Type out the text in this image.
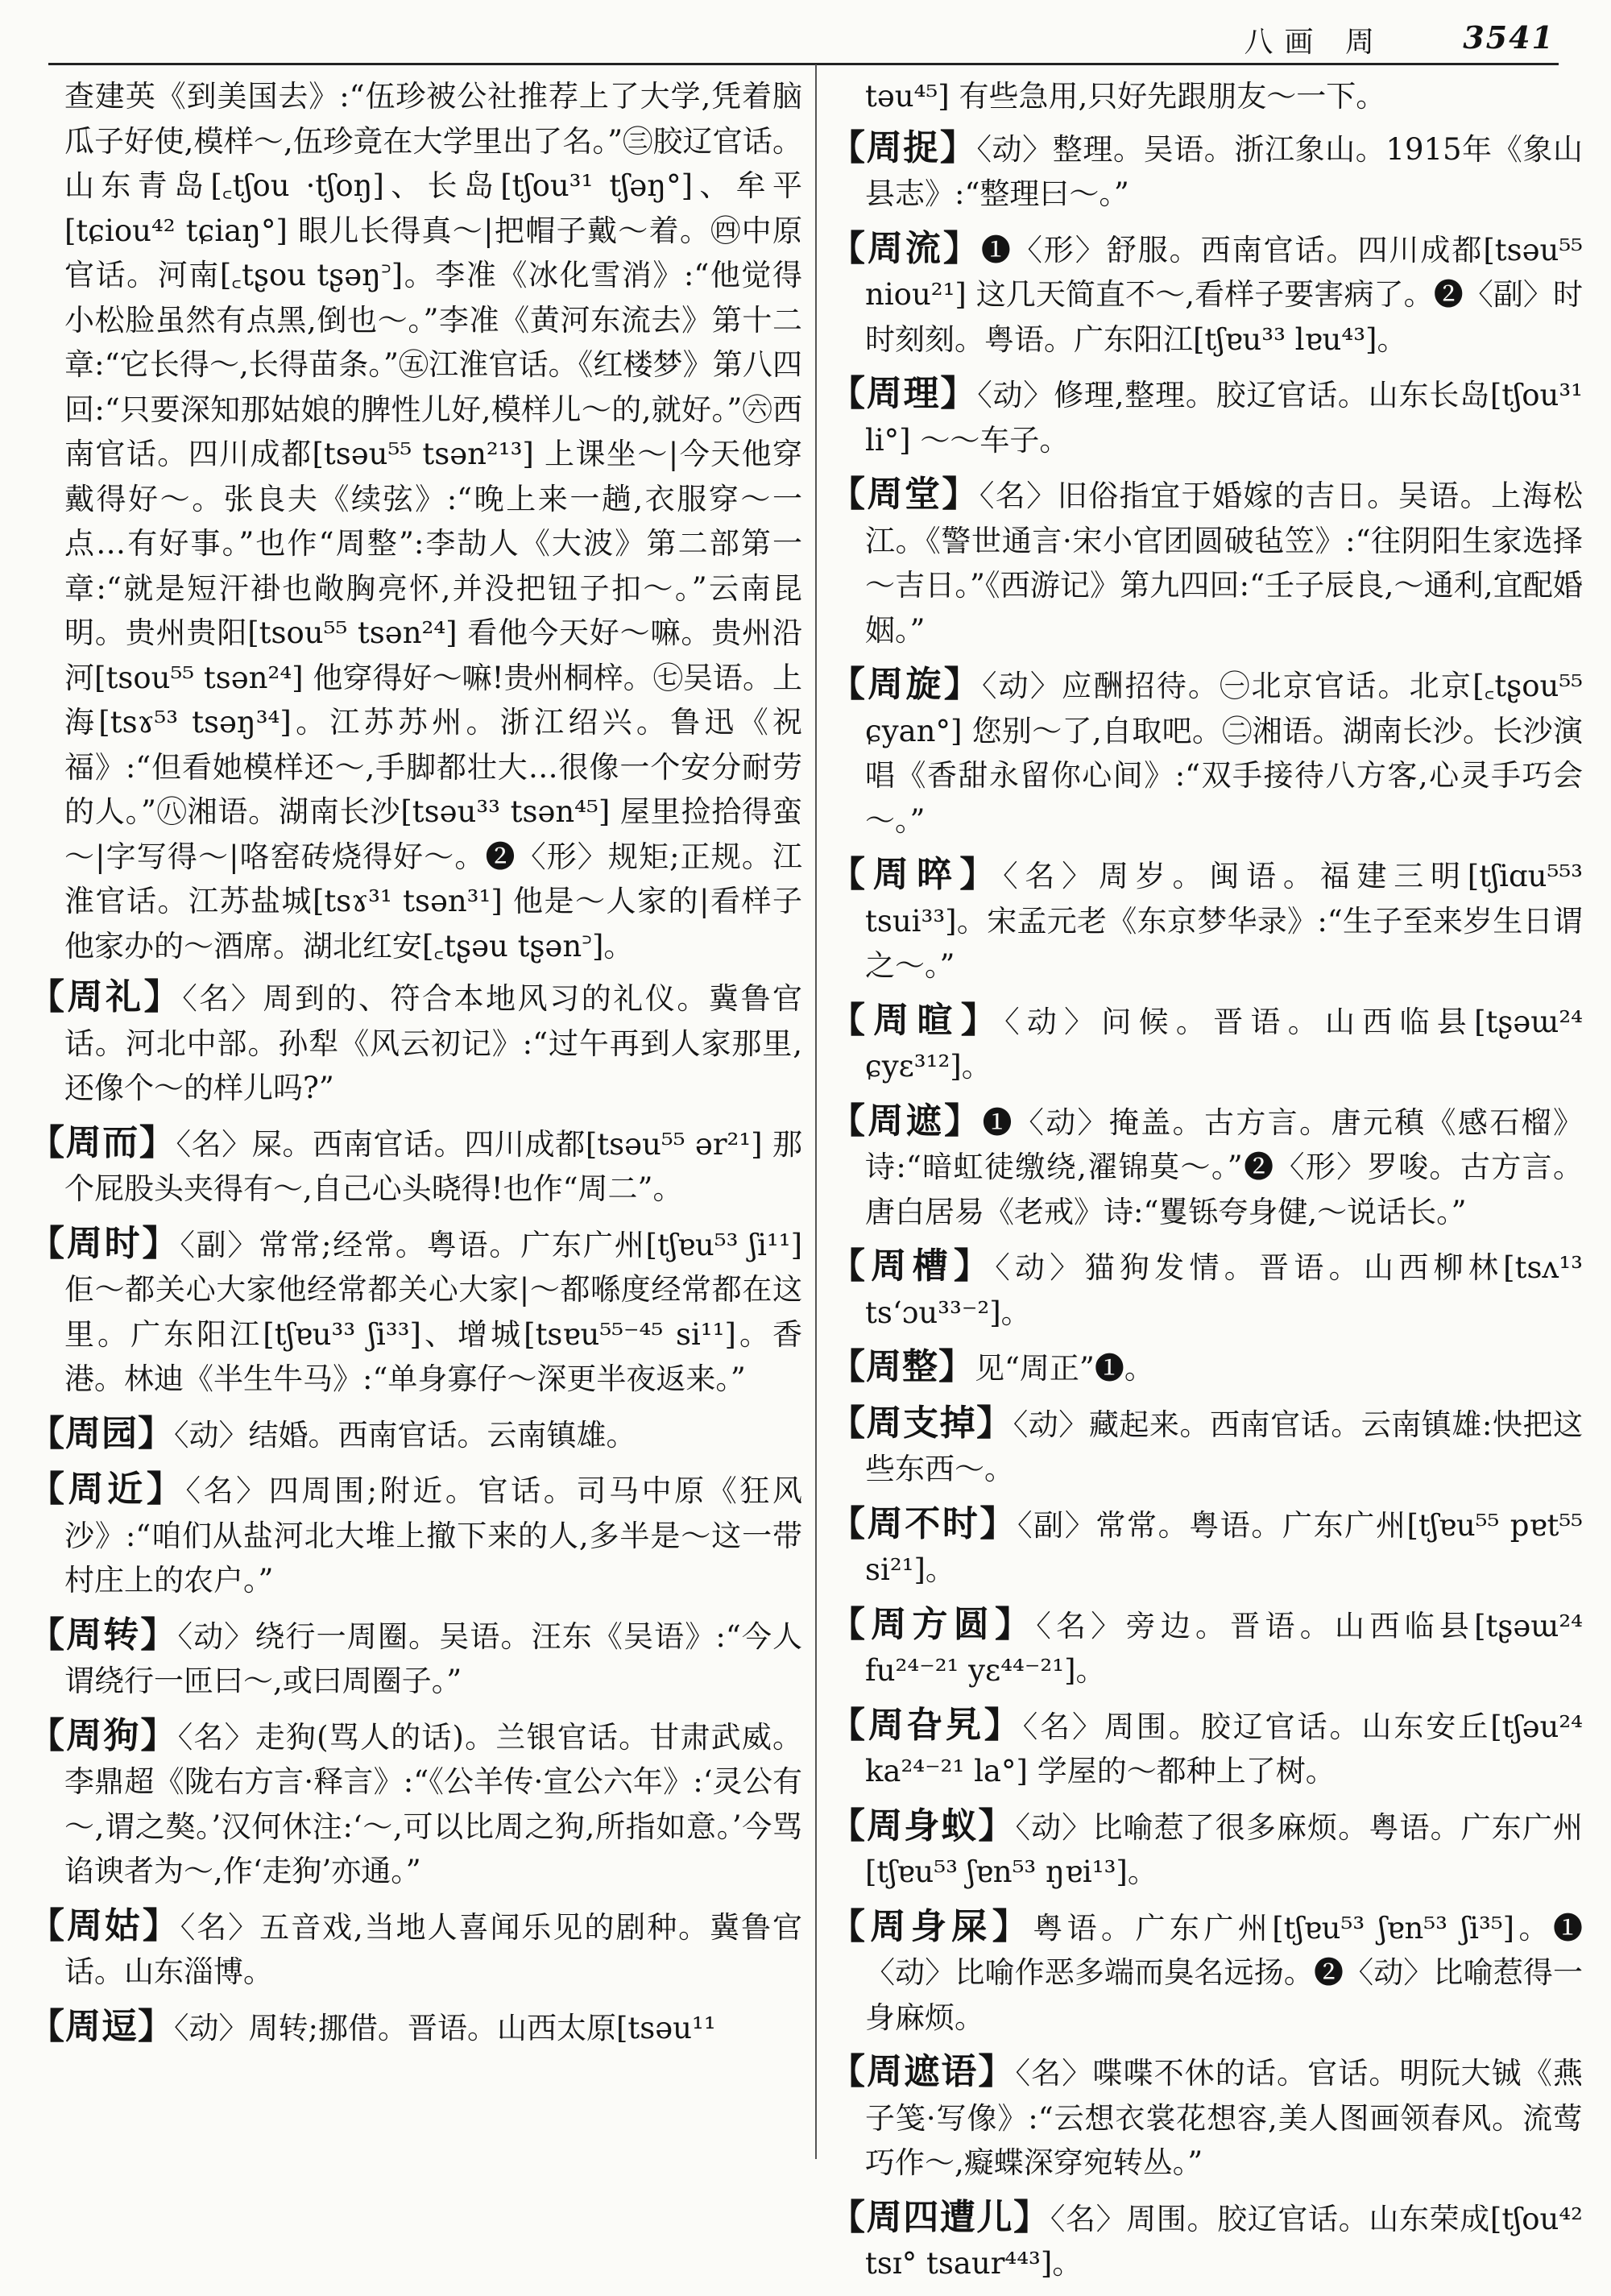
八画 周	3541

查建英《到美国去》:“伍珍被公社推荐上了大学,凭着脑瓜子好使,模样～,伍珍竟在大学里出了名。”㊂胶辽官话。山东青岛[꜀tʃou ·tʃoŋ]、长岛[tʃou³¹ tʃəŋ°]、牟平[tɕiou⁴² tɕiaŋ°] 眼儿长得真～|把帽子戴～着。㊃中原官话。河南[꜀tʂou tʂəŋ꜄]。李准《冰化雪消》:“他觉得小松脸虽然有点黑,倒也～。”李准《黄河东流去》第十二章:“它长得～,长得苗条。”㊄江淮官话。《红楼梦》第八四回:“只要深知那姑娘的脾性儿好,模样儿～的,就好。”㊅西南官话。四川成都[tsəu⁵⁵ tsən²¹³] 上课坐～|今天他穿戴得好～。张良夫《续弦》:“晚上来一趟,衣服穿～一点…有好事。”也作“周整”:李劼人《大波》第二部第一章:“就是短汗褂也敞胸亮怀,并没把钮子扣～。”云南昆明。贵州贵阳[tsou⁵⁵ tsən²⁴] 看他今天好～嘛。贵州沿河[tsou⁵⁵ tsən²⁴] 他穿得好～嘛!贵州桐梓。㊆吴语。上海[tsɤ⁵³ tsəŋ³⁴]。江苏苏州。浙江绍兴。鲁迅《祝福》:“但看她模样还～,手脚都壮大…很像一个安分耐劳的人。”㊇湘语。湖南长沙[tsəu³³ tsən⁴⁵] 屋里捡拾得蛮～|字写得～|咯窑砖烧得好～。❷〈形〉规矩;正规。江淮官话。江苏盐城[tsɤ³¹ tsən³¹] 他是～人家的|看样子他家办的～酒席。湖北红安[꜀tʂəu tʂən꜄]。

【周礼】〈名〉周到的、符合本地风习的礼仪。冀鲁官话。河北中部。孙犁《风云初记》:“过午再到人家那里,还像个～的样儿吗?”

【周而】〈名〉屎。西南官话。四川成都[tsəu⁵⁵ ər²¹] 那个屁股头夹得有～,自己心头晓得!也作“周二”。

【周时】〈副〉常常;经常。粤语。广东广州[tʃɐu⁵³ ʃi¹¹] 佢～都关心大家他经常都关心大家|～都喺度经常都在这里。广东阳江[tʃɐu³³ ʃi³³]、增城[tsɐu⁵⁵⁻⁴⁵ si¹¹]。香港。林迪《半生牛马》:“单身寡仔～深更半夜返来。”

【周园】〈动〉结婚。西南官话。云南镇雄。

【周近】〈名〉四周围;附近。官话。司马中原《狂风沙》:“咱们从盐河北大堆上撤下来的人,多半是～这一带村庄上的农户。”

【周转】〈动〉绕行一周圈。吴语。汪东《吴语》:“今人谓绕行一匝曰～,或曰周圈子。”

【周狗】〈名〉走狗(骂人的话)。兰银官话。甘肃武威。李鼎超《陇右方言·释言》:“《公羊传·宣公六年》:‘灵公有～,谓之獒。’汉何休注:‘～,可以比周之狗,所指如意。’今骂谄谀者为～,作‘走狗’亦通。”

【周姑】〈名〉五音戏,当地人喜闻乐见的剧种。冀鲁官话。山东淄博。

【周逗】〈动〉周转;挪借。晋语。山西太原[tsəu¹¹

təu⁴⁵] 有些急用,只好先跟朋友～一下。

【周捉】〈动〉整理。吴语。浙江象山。1915年《象山县志》:“整理曰～。”

【周流】❶〈形〉舒服。西南官话。四川成都[tsəu⁵⁵ niou²¹] 这几天简直不～,看样子要害病了。❷〈副〉时时刻刻。粤语。广东阳江[tʃɐu³³ lɐu⁴³]。

【周理】〈动〉修理,整理。胶辽官话。山东长岛[tʃou³¹ li°] ～～车子。

【周堂】〈名〉旧俗指宜于婚嫁的吉日。吴语。上海松江。《警世通言·宋小官团圆破毡笠》:“往阴阳生家选择～吉日。”《西游记》第九四回:“壬子辰良,～通利,宜配婚姻。”

【周旋】〈动〉应酬招待。㊀北京官话。北京[꜀tʂou⁵⁵ ɕyan°] 您别～了,自取吧。㊁湘语。湖南长沙。长沙演唱《香甜永留你心间》:“双手接待八方客,心灵手巧会～。”

【周晬】〈名〉周岁。闽语。福建三明[tʃiɑu⁵⁵³ tsui³³]。宋孟元老《东京梦华录》:“生子至来岁生日谓之～。”

【周暄】〈动〉问候。晋语。山西临县[tʂəɯ²⁴ ɕyɛ³¹²]。

【周遮】❶〈动〉掩盖。古方言。唐元稹《感石榴》诗:“暗虹徒缴绕,濯锦莫～。”❷〈形〉罗唆。古方言。唐白居易《老戒》诗:“矍铄夸身健,～说话长。”

【周槽】〈动〉猫狗发情。晋语。山西柳林[tsʌ¹³ tsʻɔu³³⁻²]。

【周整】见“周正”❶。

【周支掉】〈动〉藏起来。西南官话。云南镇雄:快把这些东西～。

【周不时】〈副〉常常。粤语。广东广州[tʃɐu⁵⁵ pɐt⁵⁵ si²¹]。

【周方圆】〈名〉旁边。晋语。山西临县[tʂəɯ²⁴ fu²⁴⁻²¹ yɛ⁴⁴⁻²¹]。

【周旮旯】〈名〉周围。胶辽官话。山东安丘[tʃəu²⁴ ka²⁴⁻²¹ la°] 学屋的～都种上了树。

【周身蚁】〈动〉比喻惹了很多麻烦。粤语。广东广州[tʃɐu⁵³ ʃɐn⁵³ ŋɐi¹³]。

【周身屎】粤语。广东广州[tʃɐu⁵³ ʃɐn⁵³ ʃi³⁵]。❶〈动〉比喻作恶多端而臭名远扬。❷〈动〉比喻惹得一身麻烦。

【周遮语】〈名〉喋喋不休的话。官话。明阮大铖《燕子笺·写像》:“云想衣裳花想容,美人图画领春风。流莺巧作～,癡蝶深穿宛转丛。”

【周四遭儿】〈名〉周围。胶辽官话。山东荣成[tʃou⁴² tsɪ° tsaur⁴⁴³]。
